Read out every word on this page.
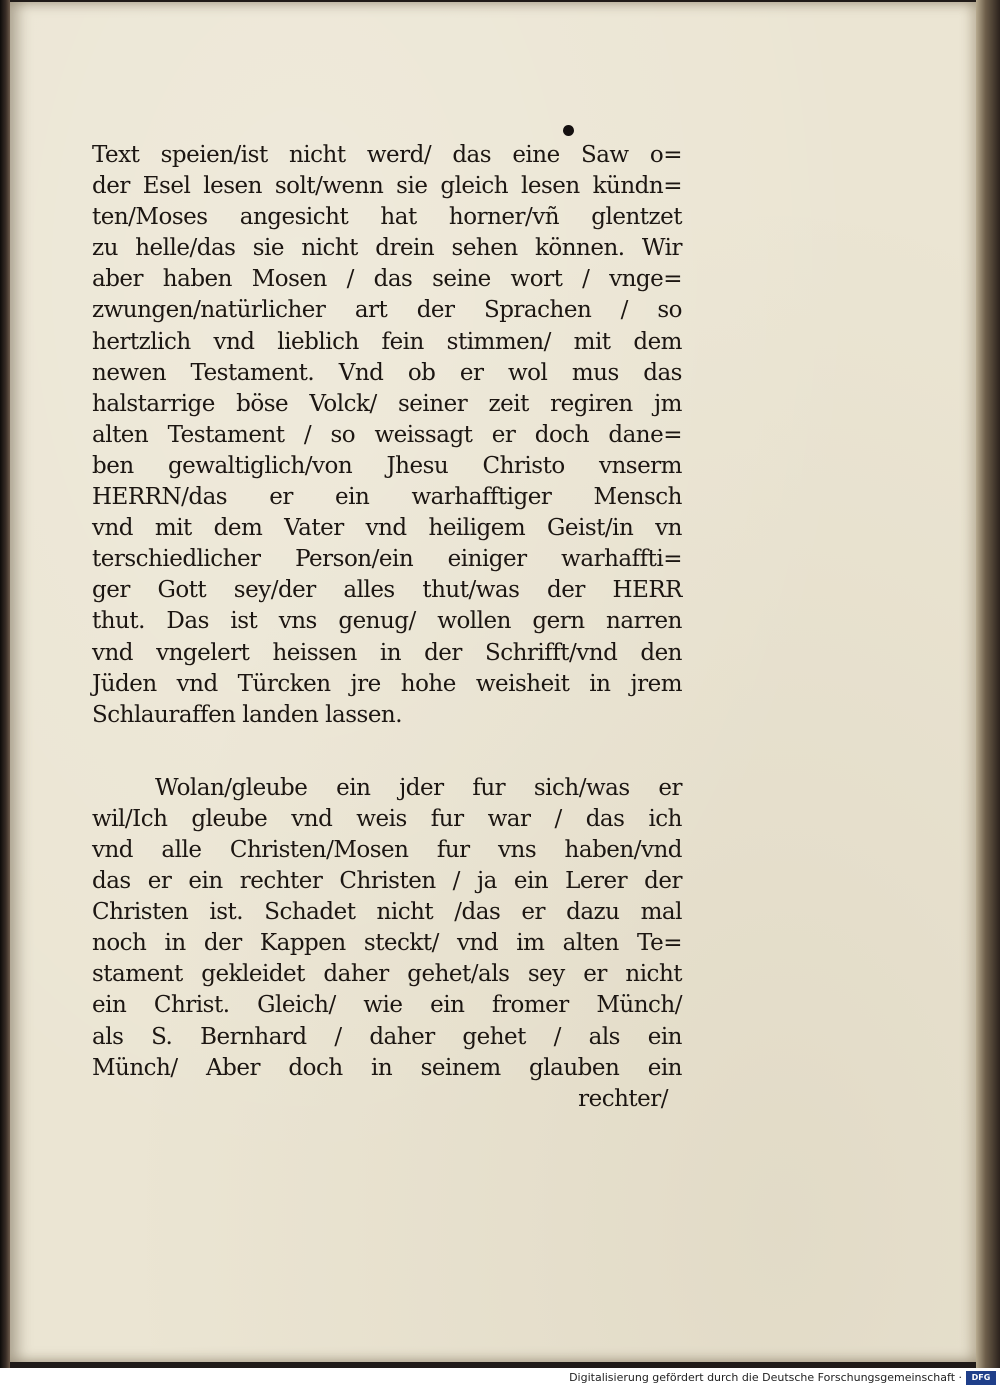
Text speien/ist nicht werd/ das eine Saw o=
der Esel lesen solt/wenn sie gleich lesen kündn=
ten/Moses angesicht hat horner/vñ glentzet
zu helle/das sie nicht drein sehen können. Wir
aber haben Mosen / das seine wort / vnge=
zwungen/natürlicher art der Sprachen / so
hertzlich vnd lieblich fein stimmen/ mit dem
newen Testament. Vnd ob er wol mus das
halstarrige böse Volck/ seiner zeit regiren jm
alten Testament / so weissagt er doch dane=
ben gewaltiglich/von Jhesu Christo vnserm
HERRN/das er ein warhafftiger Mensch
vnd mit dem Vater vnd heiligem Geist/in vn
terschiedlicher Person/ein einiger warhaffti=
ger Gott sey/der alles thut/was der HERR
thut. Das ist vns genug/ wollen gern narren
vnd vngelert heissen in der Schrifft/vnd den
Jüden vnd Türcken jre hohe weisheit in jrem
Schlauraffen landen lassen.
Wolan/gleube ein jder fur sich/was er
wil/Ich gleube vnd weis fur war / das ich
vnd alle Christen/Mosen fur vns haben/vnd
das er ein rechter Christen / ja ein Lerer der
Christen ist. Schadet nicht /das er dazu mal
noch in der Kappen steckt/ vnd im alten Te=
stament gekleidet daher gehet/als sey er nicht
ein Christ. Gleich/ wie ein fromer Münch/
als S. Bernhard / daher gehet / als ein
Münch/ Aber doch in seinem glauben ein
rechter/
Digitalisierung gefördert durch die Deutsche Forschungsgemeinschaft ·	DFG
